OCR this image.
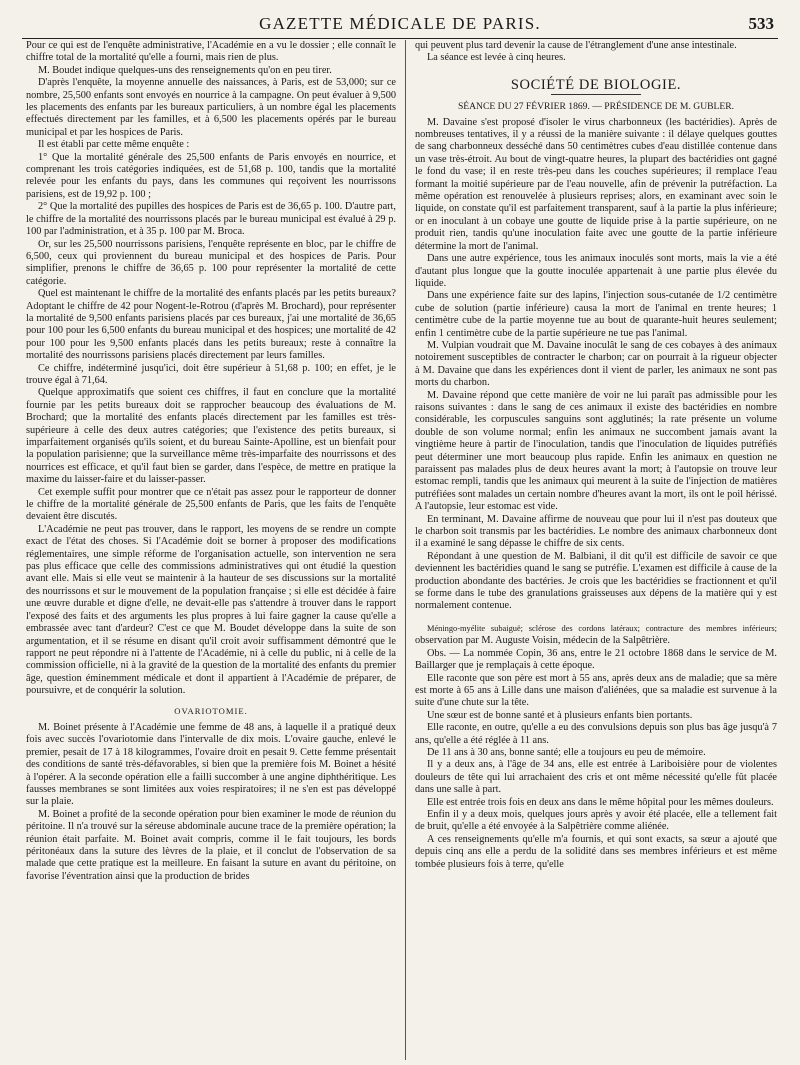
GAZETTE MÉDICALE DE PARIS.	533

Pour ce qui est de l'enquête administrative, l'Académie en a vu le dossier ; elle connaît le chiffre total de la mortalité qu'elle a fourni, mais rien de plus.

M. Boudet indique quelques-uns des renseignements qu'on en peu tirer.

D'après l'enquête, la moyenne annuelle des naissances, à Paris, est de 53,000; sur ce nombre, 25,500 enfants sont envoyés en nourrice à la campagne. On peut évaluer à 9,500 les placements des enfants par les bureaux particuliers, à un nombre égal les placements effectués directement par les familles, et à 6,500 les placements opérés par le bureau municipal et par les hospices de Paris.

Il est établi par cette même enquête :

1° Que la mortalité générale des 25,500 enfants de Paris envoyés en nourrice, et comprenant les trois catégories indiquées, est de 51,68 p. 100, tandis que la mortalité relevée pour les enfants du pays, dans les communes qui reçoivent les nourrissons parisiens, est de 19,92 p. 100 ;

2° Que la mortalité des pupilles des hospices de Paris est de 36,65 p. 100. D'autre part, le chiffre de la mortalité des nourrissons placés par le bureau municipal est évalué à 29 p. 100 par l'administration, et à 35 p. 100 par M. Broca.

Or, sur les 25,500 nourrissons parisiens, l'enquête représente en bloc, par le chiffre de 6,500, ceux qui proviennent du bureau municipal et des hospices de Paris. Pour simplifier, prenons le chiffre de 36,65 p. 100 pour représenter la mortalité de cette catégorie.

Quel est maintenant le chiffre de la mortalité des enfants placés par les petits bureaux? Adoptant le chiffre de 42 pour Nogent-le-Rotrou (d'après M. Brochard), pour représenter la mortalité de 9,500 enfants parisiens placés par ces bureaux, j'ai une mortalité de 36,65 pour 100 pour les 6,500 enfants du bureau municipal et des hospices; une mortalité de 42 pour 100 pour les 9,500 enfants placés dans les petits bureaux; reste à connaître la mortalité des nourrissons parisiens placés directement par leurs familles.

Ce chiffre, indéterminé jusqu'ici, doit être supérieur à 51,68 p. 100; en effet, je le trouve égal à 71,64.

Quelque approximatifs que soient ces chiffres, il faut en conclure que la mortalité fournie par les petits bureaux doit se rapprocher beaucoup des évaluations de M. Brochard; que la mortalité des enfants placés directement par les familles est très-supérieure à celle des deux autres catégories; que l'existence des petits bureaux, si imparfaitement organisés qu'ils soient, et du bureau Sainte-Apolline, est un bienfait pour la population parisienne; que la surveillance même très-imparfaite des nourrissons et des nourrices est efficace, et qu'il faut bien se garder, dans l'espèce, de mettre en pratique la maxime du laisser-faire et du laisser-passer.

Cet exemple suffit pour montrer que ce n'était pas assez pour le rapporteur de donner le chiffre de la mortalité générale de 25,500 enfants de Paris, que les faits de l'enquête devaient être discutés.

L'Académie ne peut pas trouver, dans le rapport, les moyens de se rendre un compte exact de l'état des choses. Si l'Académie doit se borner à proposer des modifications réglementaires, une simple réforme de l'organisation actuelle, son intervention ne sera pas plus efficace que celle des commissions administratives qui ont étudié la question avant elle. Mais si elle veut se maintenir à la hauteur de ses discussions sur la mortalité des nourrissons et sur le mouvement de la population française ; si elle est décidée à faire une œuvre durable et digne d'elle, ne devait-elle pas s'attendre à trouver dans le rapport l'exposé des faits et des arguments les plus propres à lui faire gagner la cause qu'elle a embrassée avec tant d'ardeur? C'est ce que M. Boudet développe dans la suite de son argumentation, et il se résume en disant qu'il croit avoir suffisamment démontré que le rapport ne peut répondre ni à l'attente de l'Académie, ni à celle du public, ni à celle de la commission officielle, ni à la gravité de la question de la mortalité des enfants du premier âge, question éminemment médicale et dont il appartient à l'Académie de préparer, de poursuivre, et de conquérir la solution.

OVARIOTOMIE.

M. Boinet présente à l'Académie une femme de 48 ans, à laquelle il a pratiqué deux fois avec succès l'ovariotomie dans l'intervalle de dix mois. L'ovaire gauche, enlevé le premier, pesait de 17 à 18 kilogrammes, l'ovaire droit en pesait 9. Cette femme présentait des conditions de santé très-défavorables, si bien que la première fois M. Boinet a hésité à l'opérer. A la seconde opération elle a failli succomber à une angine diphthéritique. Les fausses membranes se sont limitées aux voies respiratoires; il ne s'en est pas développé sur la plaie.

M. Boinet a profité de la seconde opération pour bien examiner le mode de réunion du péritoine. Il n'a trouvé sur la séreuse abdominale aucune trace de la première opération; la réunion était parfaite. M. Boinet avait compris, comme il le fait toujours, les bords péritonéaux dans la suture des lèvres de la plaie, et il conclut de l'observation de sa malade que cette pratique est la meilleure. En faisant la suture en avant du péritoine, on favorise l'éventration ainsi que la production de brides

qui peuvent plus tard devenir la cause de l'étranglement d'une anse intestinale.

La séance est levée à cinq heures.

SOCIÉTÉ DE BIOLOGIE.

SÉANCE DU 27 FÉVRIER 1869. — PRÉSIDENCE DE M. GUBLER.

M. Davaine s'est proposé d'isoler le virus charbonneux (les bactéridies). Après de nombreuses tentatives, il y a réussi de la manière suivante : il délaye quelques gouttes de sang charbonneux desséché dans 50 centimètres cubes d'eau distillée contenue dans un vase très-étroit. Au bout de vingt-quatre heures, la plupart des bactéridies ont gagné le fond du vase; il en reste très-peu dans les couches supérieures; il remplace l'eau formant la moitié supérieure par de l'eau nouvelle, afin de prévenir la putréfaction. La même opération est renouvelée à plusieurs reprises; alors, en examinant avec soin le liquide, on constate qu'il est parfaitement transparent, sauf à la partie la plus inférieure; or en inoculant à un cobaye une goutte de liquide prise à la partie supérieure, on ne produit rien, tandis qu'une inoculation faite avec une goutte de la partie inférieure détermine la mort de l'animal.

Dans une autre expérience, tous les animaux inoculés sont morts, mais la vie a été d'autant plus longue que la goutte inoculée appartenait à une partie plus élevée du liquide.

Dans une expérience faite sur des lapins, l'injection sous-cutanée de 1/2 centimètre cube de solution (partie inférieure) causa la mort de l'animal en trente heures; 1 centimètre cube de la partie moyenne tue au bout de quarante-huit heures seulement; enfin 1 centimètre cube de la partie supérieure ne tue pas l'animal.

M. Vulpian voudrait que M. Davaine inoculât le sang de ces cobayes à des animaux notoirement susceptibles de contracter le charbon; car on pourrait à la rigueur objecter à M. Davaine que dans les expériences dont il vient de parler, les animaux ne sont pas morts du charbon.

M. Davaine répond que cette manière de voir ne lui paraît pas admissible pour les raisons suivantes : dans le sang de ces animaux il existe des bactéridies en nombre considérable, les corpuscules sanguins sont agglutinés; la rate présente un volume double de son volume normal; enfin les animaux ne succombent jamais avant la vingtième heure à partir de l'inoculation, tandis que l'inoculation de liquides putréfiés peut déterminer une mort beaucoup plus rapide. Enfin les animaux en question ne paraissent pas malades plus de deux heures avant la mort; à l'autopsie on trouve leur estomac rempli, tandis que les animaux qui meurent à la suite de l'injection de matières putréfiées sont malades un certain nombre d'heures avant la mort, ils ont le poil hérissé. A l'autopsie, leur estomac est vide.

En terminant, M. Davaine affirme de nouveau que pour lui il n'est pas douteux que le charbon soit transmis par les bactéridies. Le nombre des animaux charbonneux dont il a examiné le sang dépasse le chiffre de six cents.

Répondant à une question de M. Balbiani, il dit qu'il est difficile de savoir ce que deviennent les bactéridies quand le sang se putréfie. L'examen est difficile à cause de la production abondante des bactéries. Je crois que les bactéridies se fractionnent et qu'il se forme dans le tube des granulations graisseuses aux dépens de la matière qui y est normalement contenue.

Méningo-myélite subaiguë; sclérose des cordons latéraux; contracture des membres inférieurs; observation par M. Auguste Voisin, médecin de la Salpêtrière.

Obs. — La nommée Copin, 36 ans, entre le 21 octobre 1868 dans le service de M. Baillarger que je remplaçais à cette époque.

Elle raconte que son père est mort à 55 ans, après deux ans de maladie; que sa mère est morte à 65 ans à Lille dans une maison d'aliénées, que sa maladie est survenue à la suite d'une chute sur la tête.

Une sœur est de bonne santé et à plusieurs enfants bien portants.

Elle raconte, en outre, qu'elle a eu des convulsions depuis son plus bas âge jusqu'à 7 ans, qu'elle a été réglée à 11 ans.

De 11 ans à 30 ans, bonne santé; elle a toujours eu peu de mémoire.

Il y a deux ans, à l'âge de 34 ans, elle est entrée à Lariboisière pour de violentes douleurs de tête qui lui arrachaient des cris et ont même nécessité qu'elle fût placée dans une salle à part.

Elle est entrée trois fois en deux ans dans le même hôpital pour les mêmes douleurs.

Enfin il y a deux mois, quelques jours après y avoir été placée, elle a tellement fait de bruit, qu'elle a été envoyée à la Salpêtrière comme aliénée.

A ces renseignements qu'elle m'a fournis, et qui sont exacts, sa sœur a ajouté que depuis cinq ans elle a perdu de la solidité dans ses membres inférieurs et est même tombée plusieurs fois à terre, qu'elle
